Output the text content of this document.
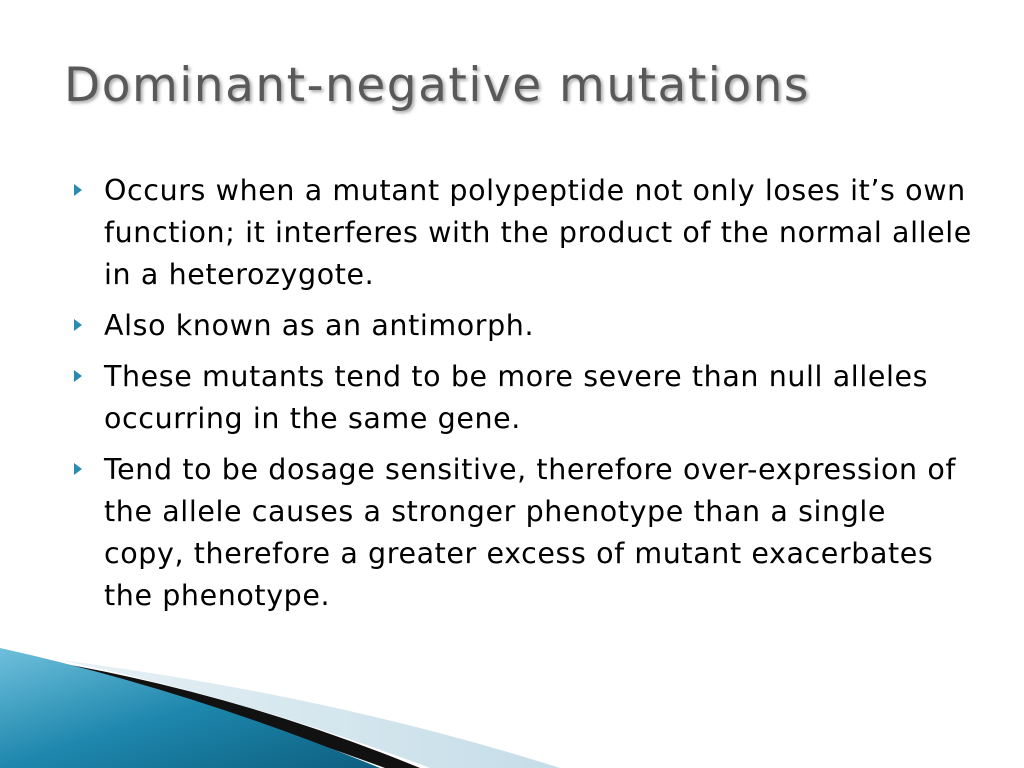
Dominant-negative mutations
Occurs when a mutant polypeptide not only loses it’s own function; it interferes with the product of the normal allele in a heterozygote.
Also known as an antimorph.
These mutants tend to be more severe than null alleles occurring in the same gene.
Tend to be dosage sensitive, therefore over-expression of the allele causes a stronger phenotype than a single copy, therefore a greater excess of mutant exacerbates the phenotype.
